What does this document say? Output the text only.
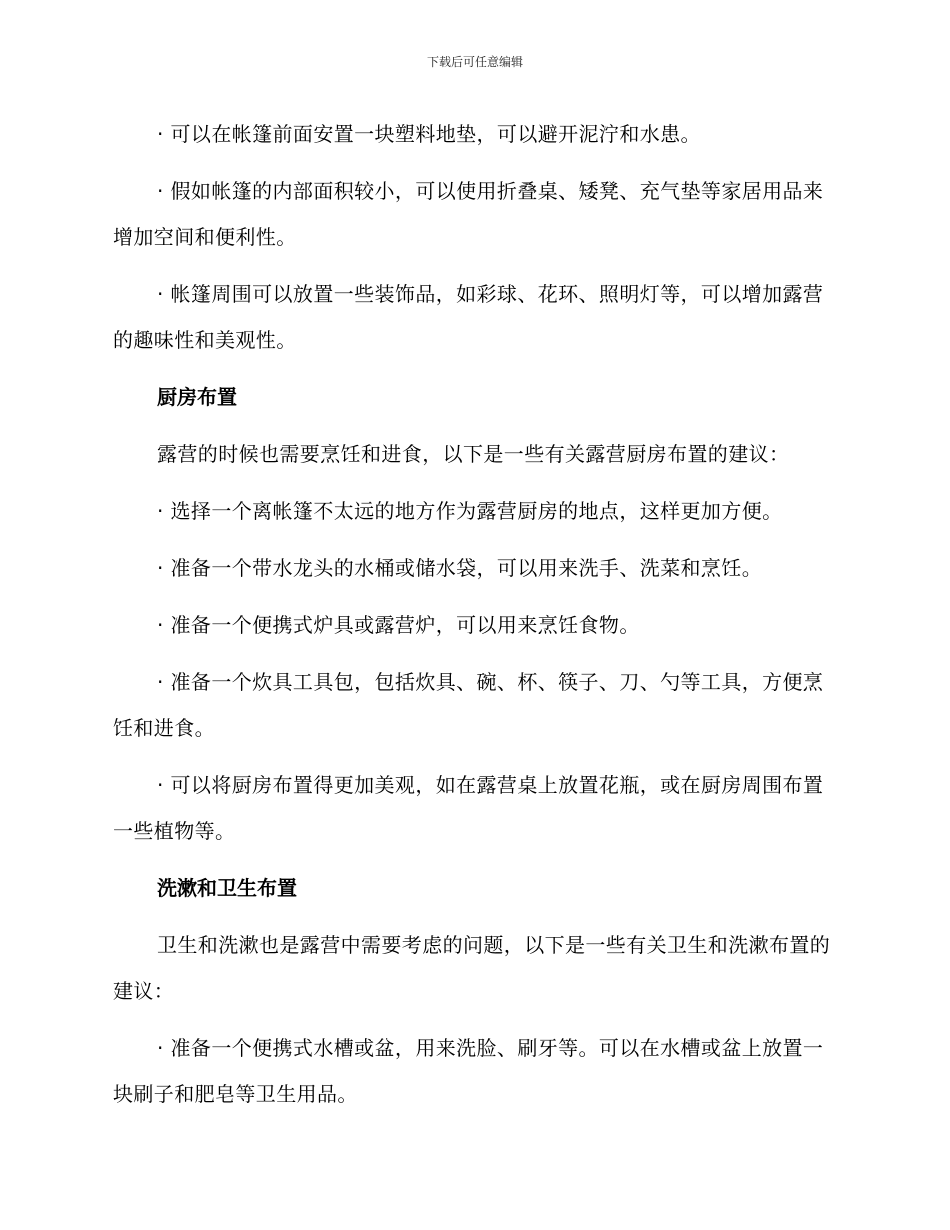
下载后可任意编辑

· 可以在帐篷前面安置一块塑料地垫，可以避开泥泞和水患。

· 假如帐篷的内部面积较小，可以使用折叠桌、矮凳、充气垫等家居用品来增加空间和便利性。

· 帐篷周围可以放置一些装饰品，如彩球、花环、照明灯等，可以增加露营的趣味性和美观性。

厨房布置

露营的时候也需要烹饪和进食，以下是一些有关露营厨房布置的建议：

· 选择一个离帐篷不太远的地方作为露营厨房的地点，这样更加方便。

· 准备一个带水龙头的水桶或储水袋，可以用来洗手、洗菜和烹饪。

· 准备一个便携式炉具或露营炉，可以用来烹饪食物。

· 准备一个炊具工具包，包括炊具、碗、杯、筷子、刀、勺等工具，方便烹饪和进食。

· 可以将厨房布置得更加美观，如在露营桌上放置花瓶，或在厨房周围布置一些植物等。

洗漱和卫生布置

卫生和洗漱也是露营中需要考虑的问题，以下是一些有关卫生和洗漱布置的建议：

· 准备一个便携式水槽或盆，用来洗脸、刷牙等。可以在水槽或盆上放置一块刷子和肥皂等卫生用品。
